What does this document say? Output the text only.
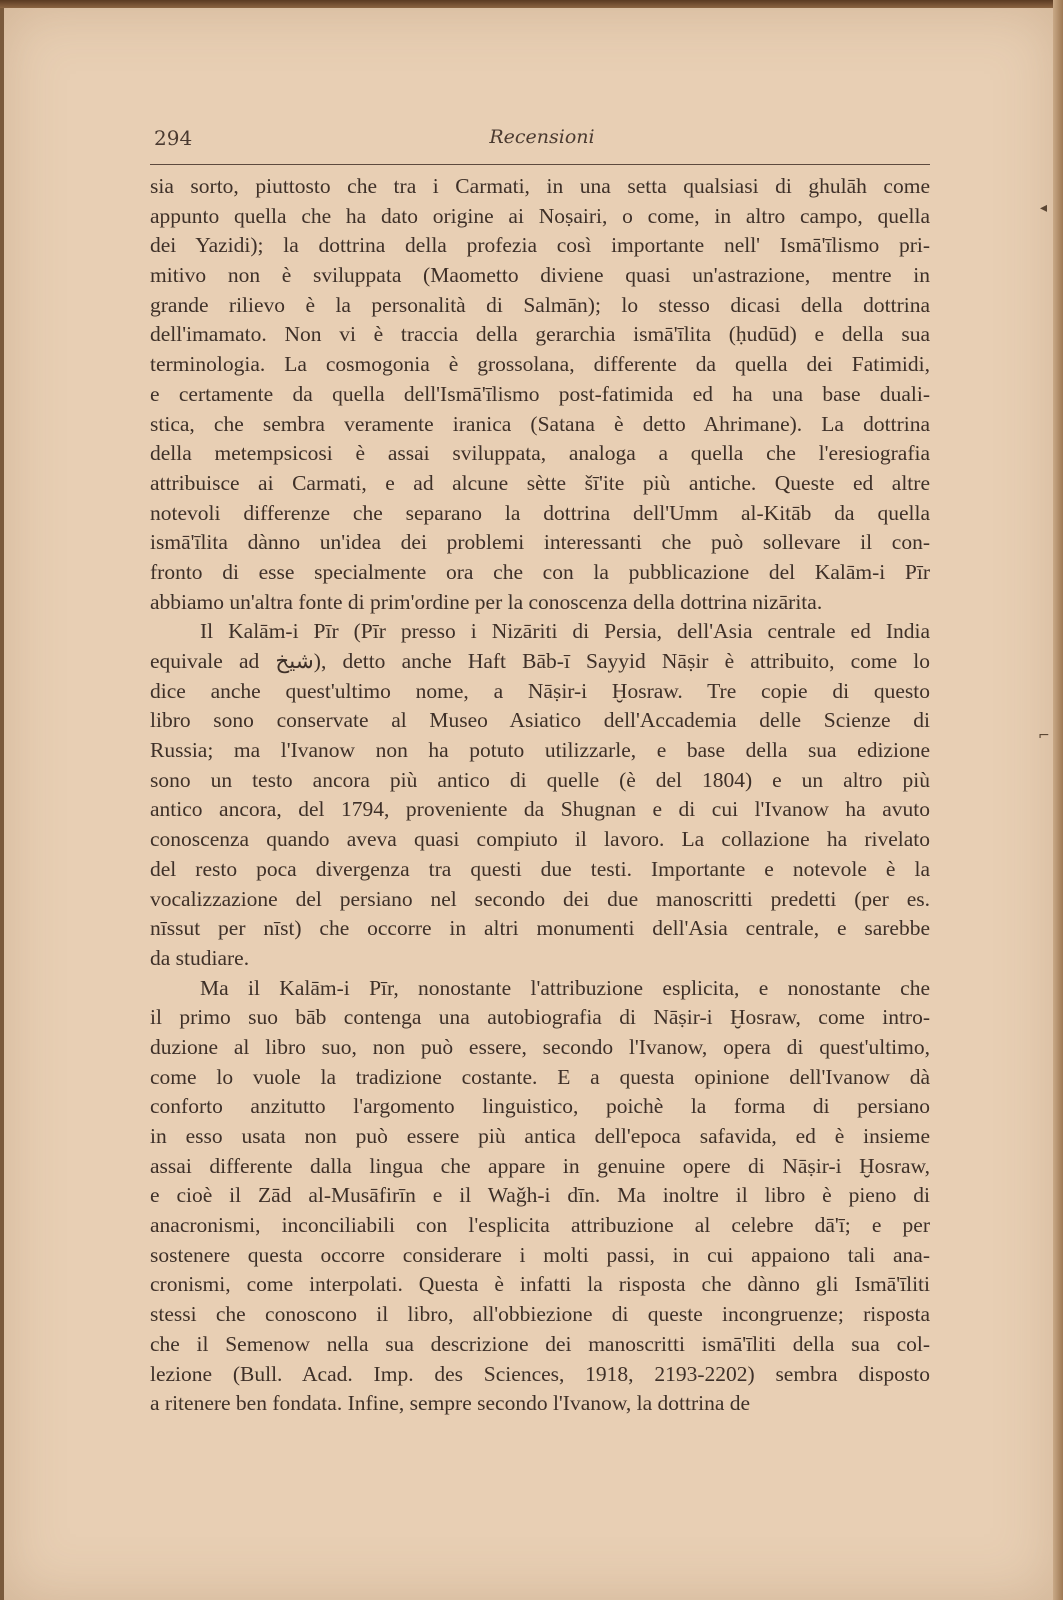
294	Recensioni
sia sorto, piuttosto che tra i Carmati, in una setta qualsiasi di ghulāh come
appunto quella che ha dato origine ai Noṣairi, o come, in altro campo, quella
dei Yazidi); la dottrina della profezia così importante nell' Ismā'īlismo pri-
mitivo non è sviluppata (Maometto diviene quasi un'astrazione, mentre in
grande rilievo è la personalità di Salmān); lo stesso dicasi della dottrina
dell'imamato. Non vi è traccia della gerarchia ismā'īlita (ḥudūd) e della sua
terminologia. La cosmogonia è grossolana, differente da quella dei Fatimidi,
e certamente da quella dell'Ismā'īlismo post-fatimida ed ha una base duali-
stica, che sembra veramente iranica (Satana è detto Ahrimane). La dottrina
della metempsicosi è assai sviluppata, analoga a quella che l'eresiografia
attribuisce ai Carmati, e ad alcune sètte šī'ite più antiche. Queste ed altre
notevoli differenze che separano la dottrina dell'Umm al-Kitāb da quella
ismā'īlita dànno un'idea dei problemi interessanti che può sollevare il con-
fronto di esse specialmente ora che con la pubblicazione del Kalām-i Pīr
abbiamo un'altra fonte di prim'ordine per la conoscenza della dottrina nizārita.
Il Kalām-i Pīr (Pīr presso i Nizāriti di Persia, dell'Asia centrale ed India
equivale ad شيخ), detto anche Haft Bāb-ī Sayyid Nāṣir è attribuito, come lo
dice anche quest'ultimo nome, a Nāṣir-i Ḫosraw. Tre copie di questo
libro sono conservate al Museo Asiatico dell'Accademia delle Scienze di
Russia; ma l'Ivanow non ha potuto utilizzarle, e base della sua edizione
sono un testo ancora più antico di quelle (è del 1804) e un altro più
antico ancora, del 1794, proveniente da Shugnan e di cui l'Ivanow ha avuto
conoscenza quando aveva quasi compiuto il lavoro. La collazione ha rivelato
del resto poca divergenza tra questi due testi. Importante e notevole è la
vocalizzazione del persiano nel secondo dei due manoscritti predetti (per es.
nīssut per nīst) che occorre in altri monumenti dell'Asia centrale, e sarebbe
da studiare.
Ma il Kalām-i Pīr, nonostante l'attribuzione esplicita, e nonostante che
il primo suo bāb contenga una autobiografia di Nāṣir-i Ḫosraw, come intro-
duzione al libro suo, non può essere, secondo l'Ivanow, opera di quest'ultimo,
come lo vuole la tradizione costante. E a questa opinione dell'Ivanow dà
conforto anzitutto l'argomento linguistico, poichè la forma di persiano
in esso usata non può essere più antica dell'epoca safavida, ed è insieme
assai differente dalla lingua che appare in genuine opere di Nāṣir-i Ḫosraw,
e cioè il Zād al-Musāfirīn e il Waǧh-i dīn. Ma inoltre il libro è pieno di
anacronismi, inconciliabili con l'esplicita attribuzione al celebre dā'ī; e per
sostenere questa occorre considerare i molti passi, in cui appaiono tali ana-
cronismi, come interpolati. Questa è infatti la risposta che dànno gli Ismā'īliti
stessi che conoscono il libro, all'obbiezione di queste incongruenze; risposta
che il Semenow nella sua descrizione dei manoscritti ismā'īliti della sua col-
lezione (Bull. Acad. Imp. des Sciences, 1918, 2193-2202) sembra disposto
a ritenere ben fondata. Infine, sempre secondo l'Ivanow, la dottrina de
◂
⌐
